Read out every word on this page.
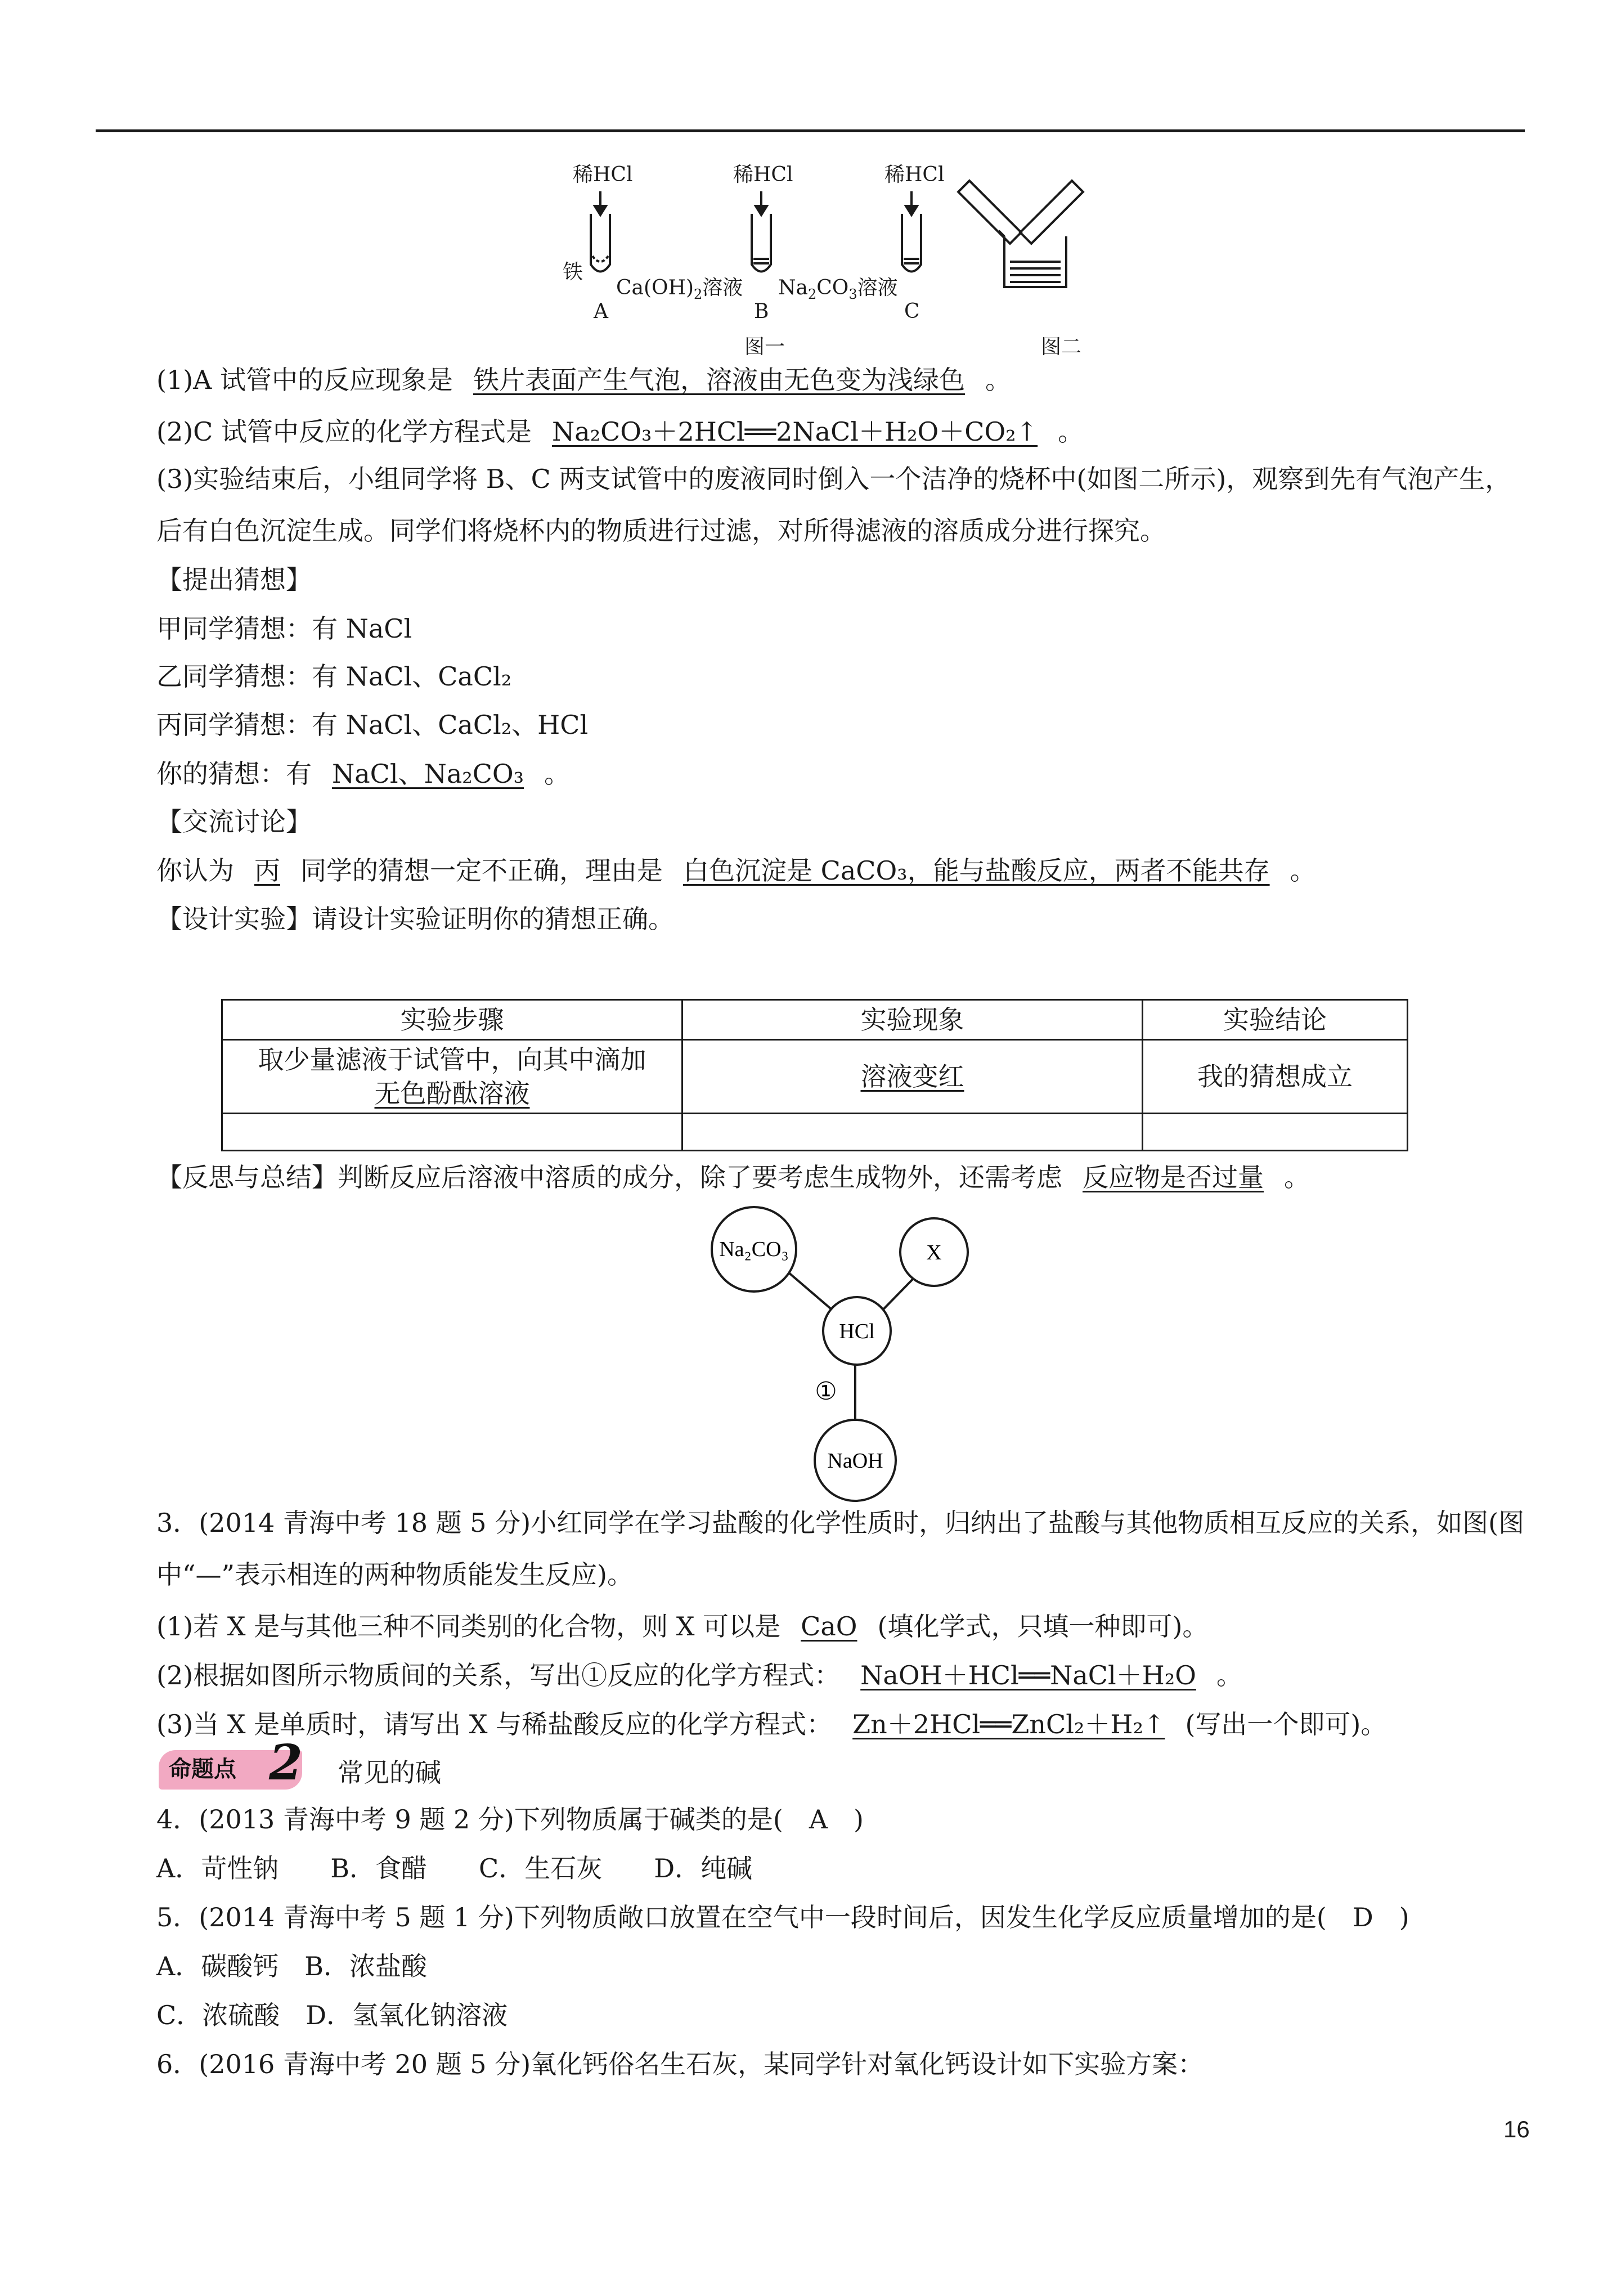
稀HCl	稀HCl	稀HCl
铁
$Ca(OH)_2$溶液 $Na_2CO_3$溶液
A	B	C
图一	图二
(1)A 试管中的反应现象是 铁片表面产生气泡，溶液由无色变为浅绿色 。
(2)C 试管中反应的化学方程式是 Na₂CO₃＋2HCl══2NaCl＋H₂O＋CO₂↑ 。
(3)实验结束后，小组同学将 B、C 两支试管中的废液同时倒入一个洁净的烧杯中(如图二所示)，观察到先有气泡产生，后有白色沉淀生成。同学们将烧杯内的物质进行过滤，对所得滤液的溶质成分进行探究。
【提出猜想】
甲同学猜想：有 NaCl
乙同学猜想：有 NaCl、CaCl₂
丙同学猜想：有 NaCl、CaCl₂、HCl
你的猜想：有 NaCl、Na₂CO₃ 。
【交流讨论】
你认为 丙 同学的猜想一定不正确，理由是 白色沉淀是 CaCO₃，能与盐酸反应，两者不能共存 。
【设计实验】请设计实验证明你的猜想正确。
实验步骤	实验现象	实验结论

取少量滤液于试管中，向其中滴加
无色酚酞溶液	溶液变红	我的猜想成立

【反思与总结】判断反应后溶液中溶质的成分，除了要考虑生成物外，还需考虑 反应物是否过量 。
Na₂CO₃	X
HCl
NaOH
①
3．(2014 青海中考 18 题 5 分)小红同学在学习盐酸的化学性质时，归纳出了盐酸与其他物质相互反应的关系，如图(图中“—”表示相连的两种物质能发生反应)。
(1)若 X 是与其他三种不同类别的化合物，则 X 可以是 CaO (填化学式，只填一种即可)。
(2)根据如图所示物质间的关系，写出①反应的化学方程式： NaOH＋HCl══NaCl＋H₂O 。
(3)当 X 是单质时，请写出 X 与稀盐酸反应的化学方程式： Zn＋2HCl══ZnCl₂＋H₂↑ (写出一个即可)。
命题点 2 常见的碱
4．(2013 青海中考 9 题 2 分)下列物质属于碱类的是(　A　)
A．苛性钠　　B．食醋　　C．生石灰　　D．纯碱
5．(2014 青海中考 5 题 1 分)下列物质敞口放置在空气中一段时间后，因发生化学反应质量增加的是(　D　)
A．碳酸钙　B．浓盐酸
C．浓硫酸　D．氢氧化钠溶液
6．(2016 青海中考 20 题 5 分)氧化钙俗名生石灰，某同学针对氧化钙设计如下实验方案：
16
